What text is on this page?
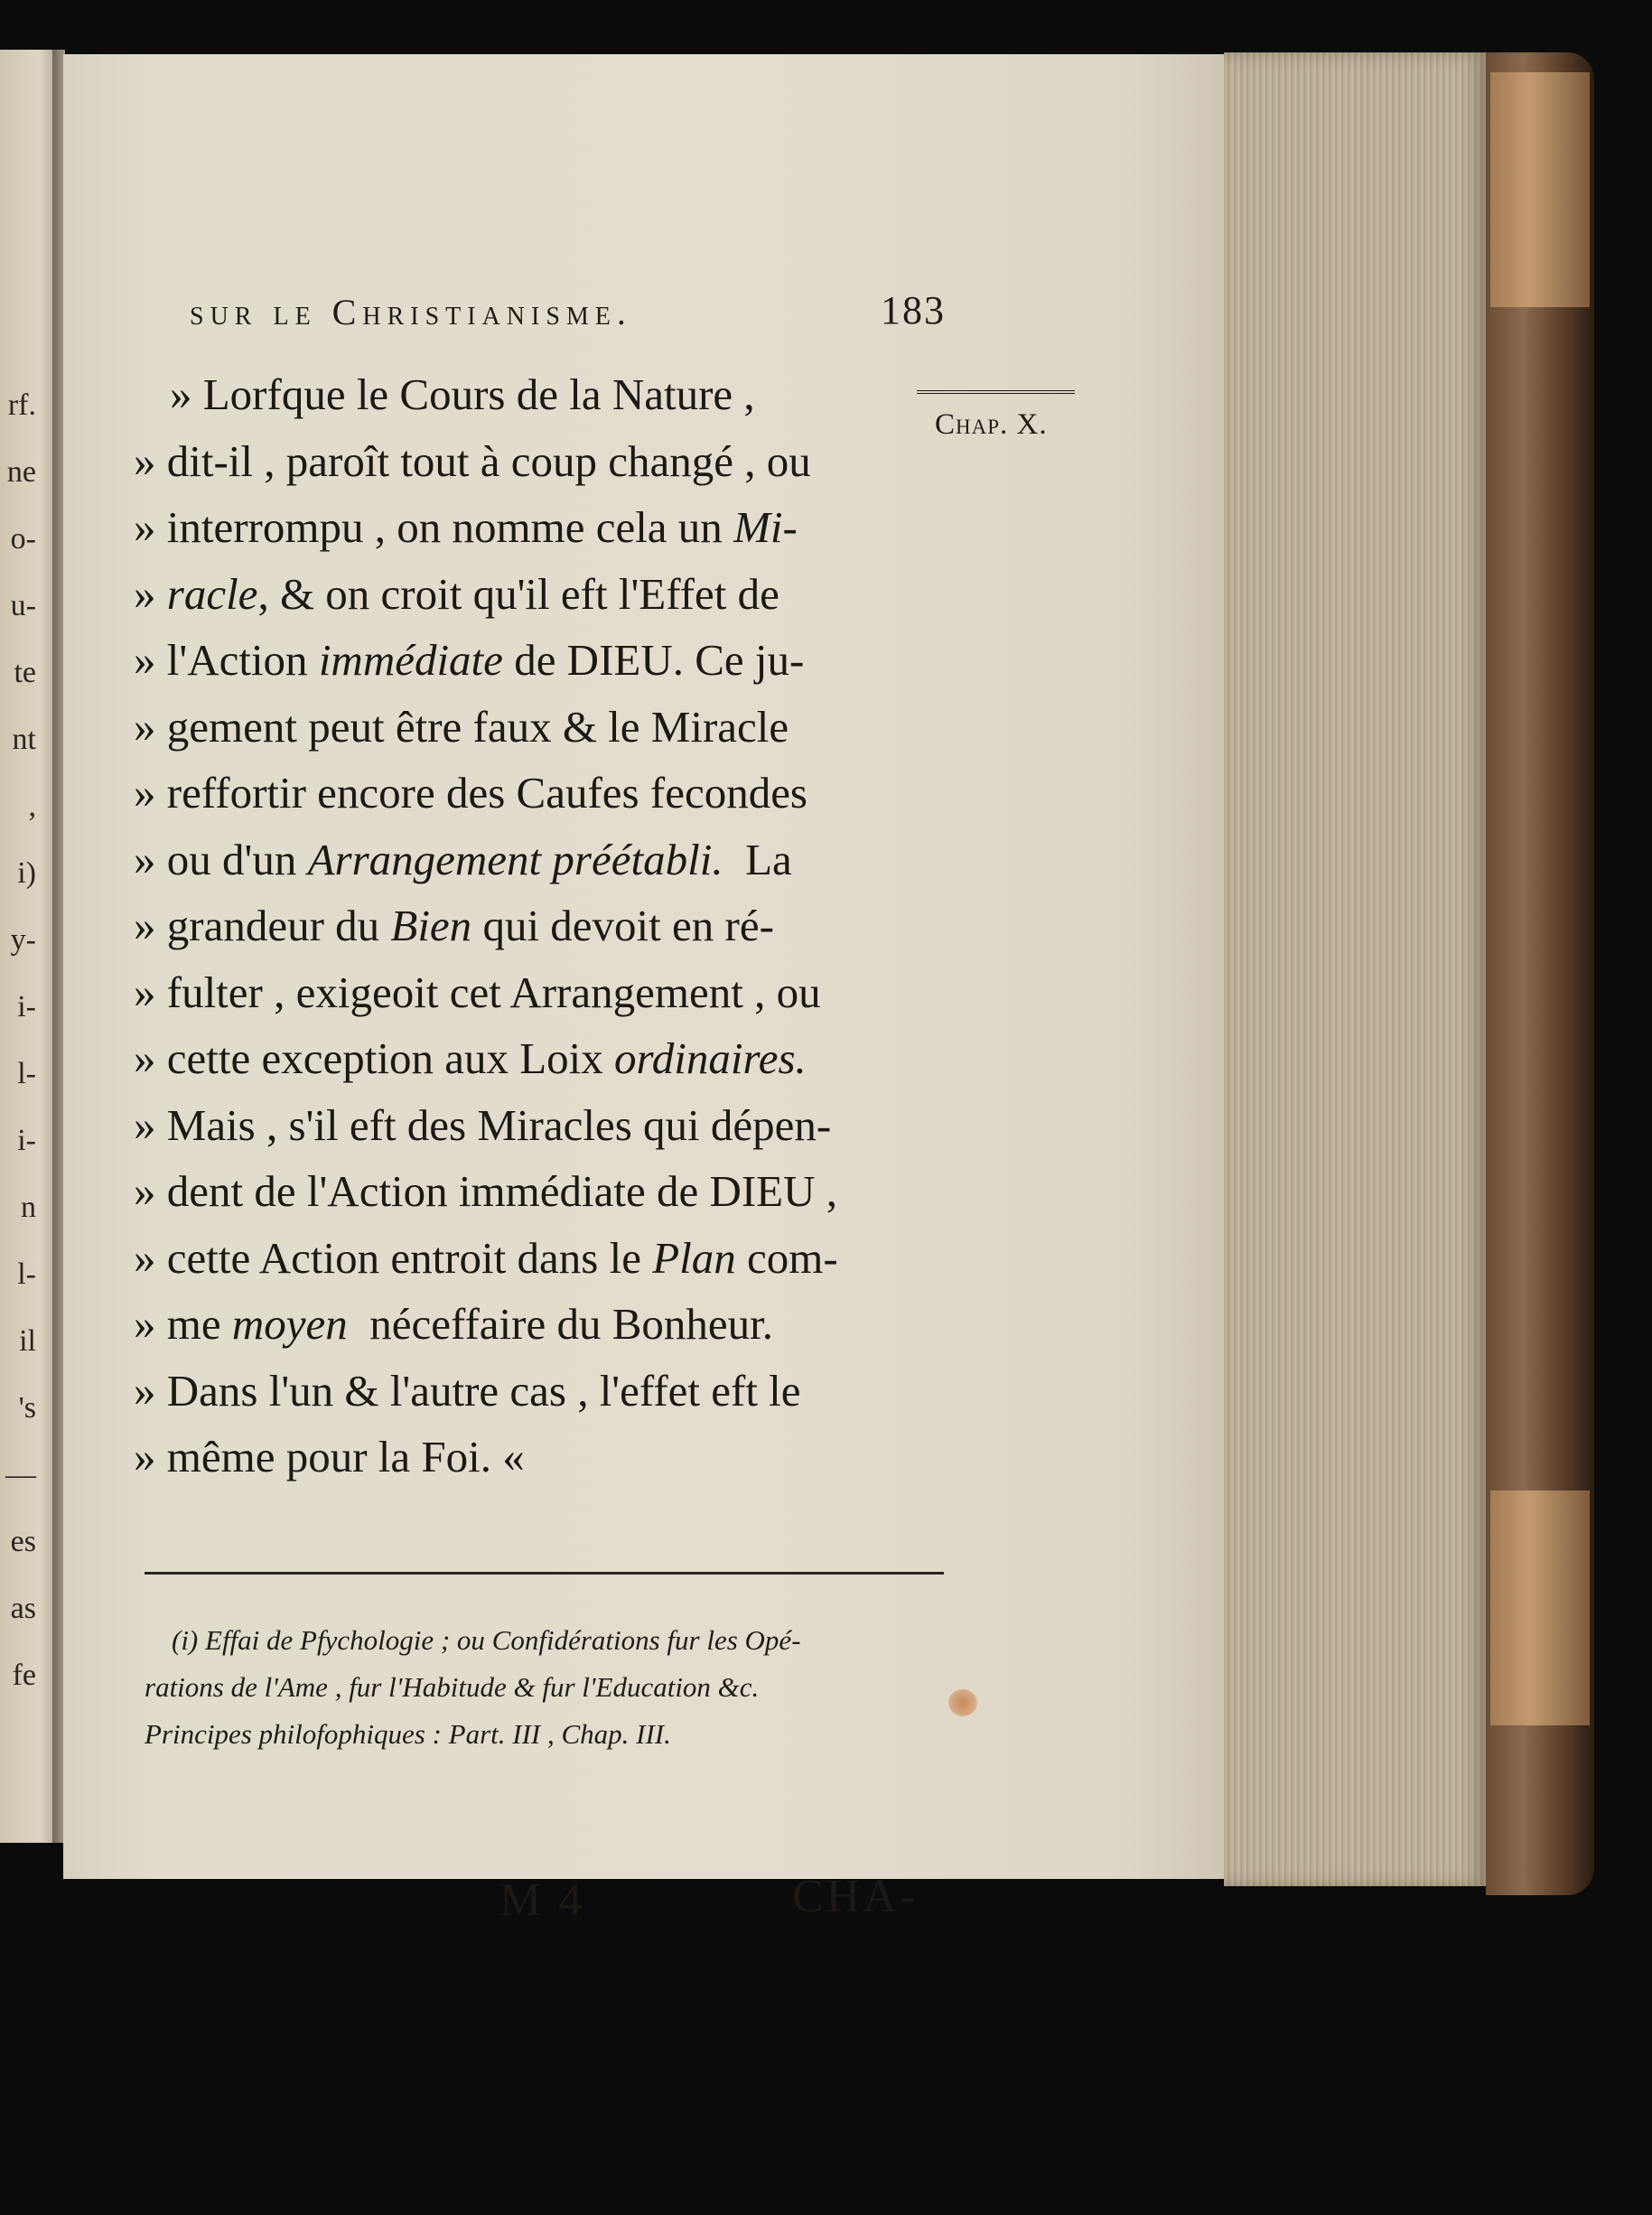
rf.
ne
o-
u-
te
nt
,
i)
y-
i-
l-
i-
n
l-
il
's
—
es
as
fe
sur le Christianisme.	183
Chap. X.
» Lorfque le Cours de la Nature ,
» dit-il , paroît tout à coup changé , ou
» interrompu , on nomme cela un Mi-
» racle, & on croit qu'il eft l'Effet de
» l'Action immédiate de DIEU. Ce ju-
» gement peut être faux & le Miracle
» reffortir encore des Caufes fecondes
» ou d'un Arrangement préétabli.  La
» grandeur du Bien qui devoit en ré-
» fulter , exigeoit cet Arrangement , ou
» cette exception aux Loix ordinaires.
» Mais , s'il eft des Miracles qui dépen-
» dent de l'Action immédiate de DIEU ,
» cette Action entroit dans le Plan com-
» me moyen  néceffaire du Bonheur.
» Dans l'un & l'autre cas , l'effet eft le
» même pour la Foi. «
(i) Effai de Pfychologie ; ou Confidérations fur les Opé-
rations de l'Ame , fur l'Habitude & fur l'Education &c.
Principes philofophiques : Part. III , Chap. III.
M 4	CHA-
